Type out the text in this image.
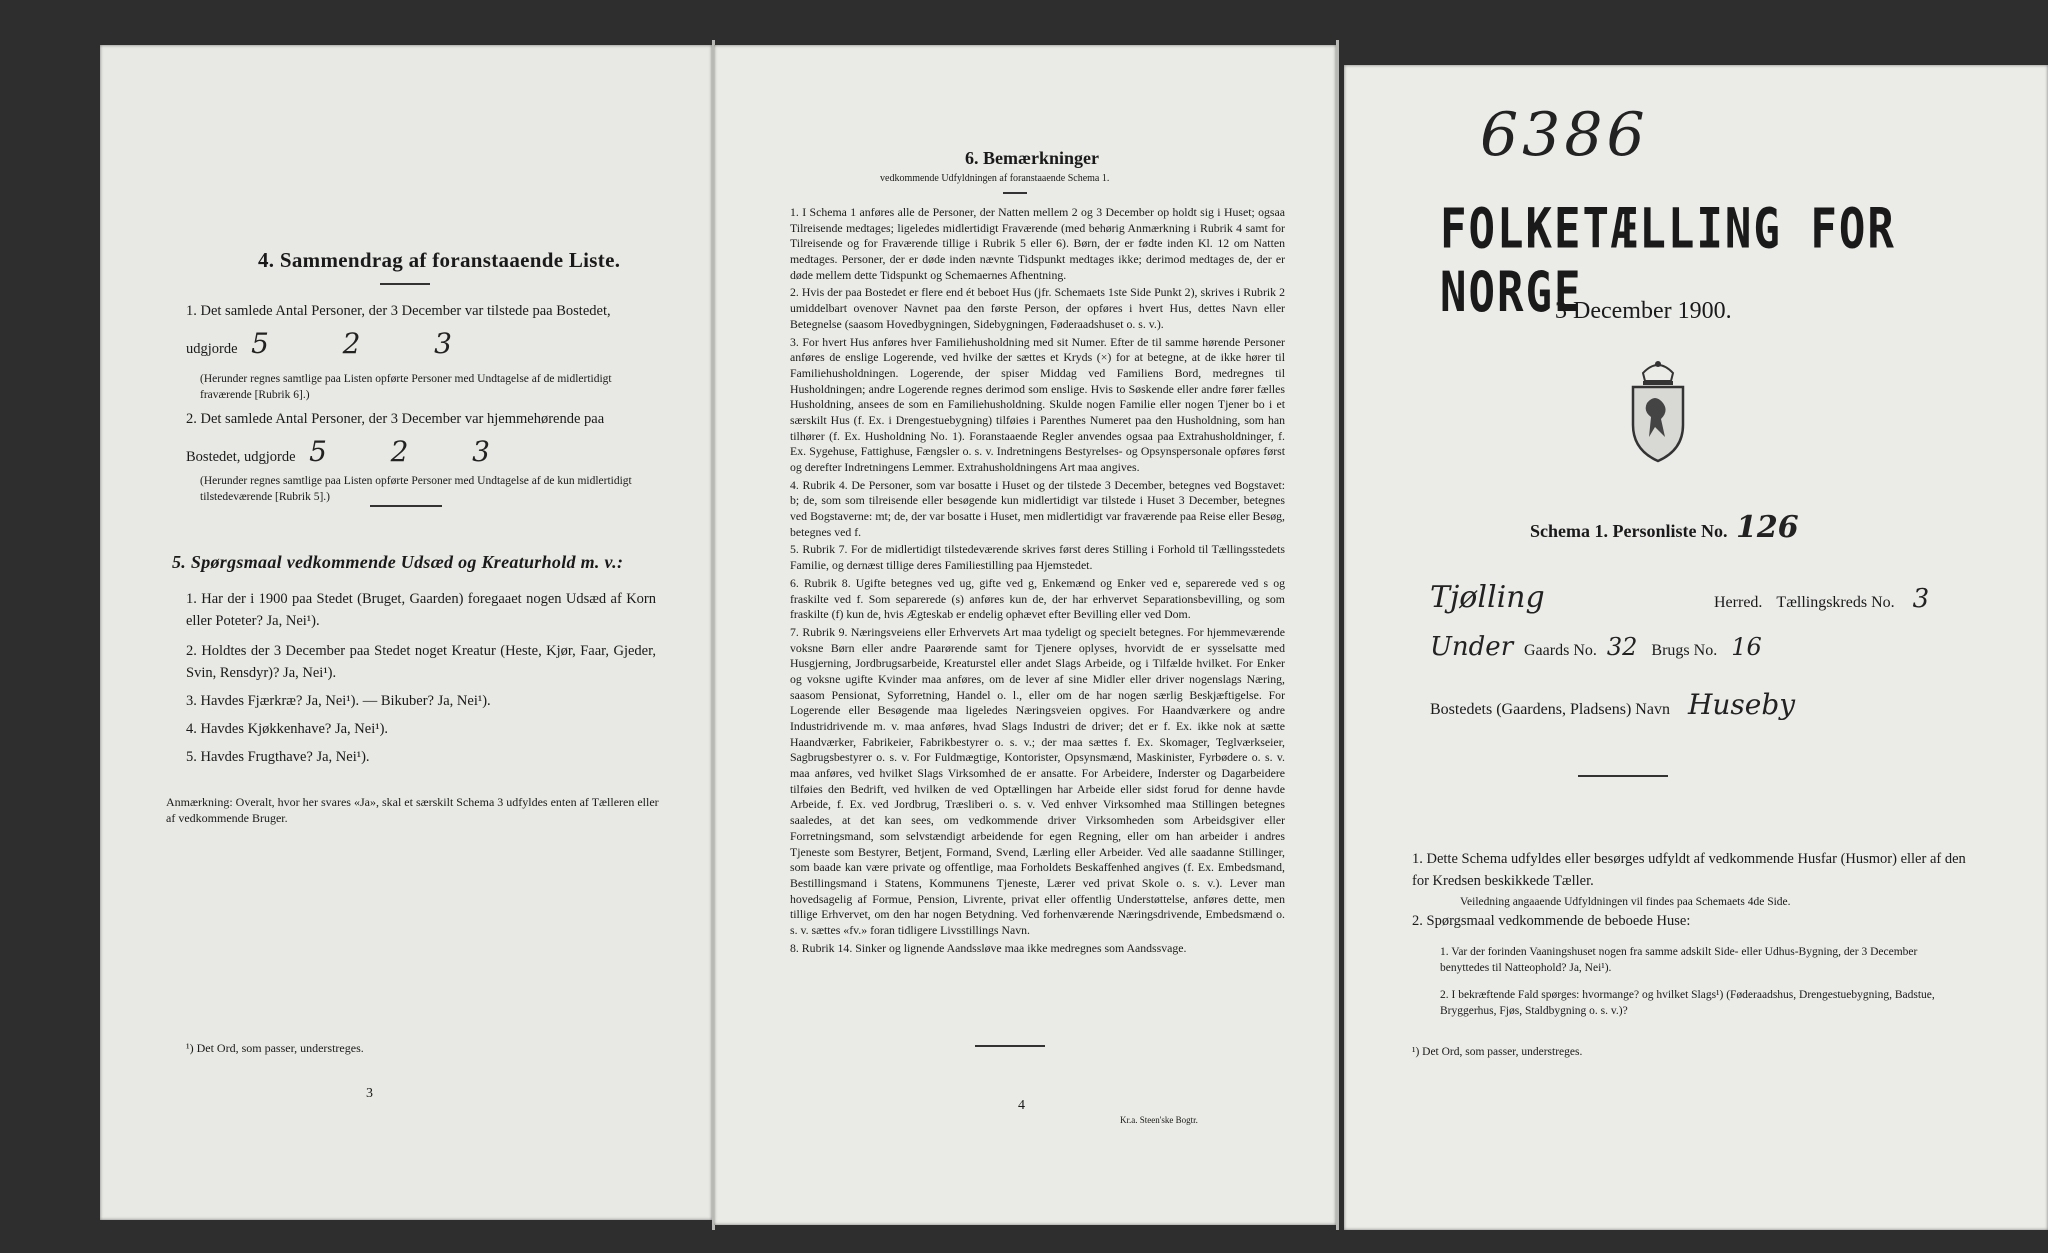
4. Sammendrag af foranstaaende Liste.
1. Det samlede Antal Personer, der 3 December var tilstede paa Bostedet,
udgjorde 5	2	3
(Herunder regnes samtlige paa Listen opførte Personer med Undtagelse af de midlertidigt fraværende [Rubrik 6].)
2. Det samlede Antal Personer, der 3 December var hjemmehørende paa
Bostedet, udgjorde 5 2 3
(Herunder regnes samtlige paa Listen opførte Personer med Undtagelse af de kun midlertidigt tilstedeværende [Rubrik 5].)
5. Spørgsmaal vedkommende Udsæd og Kreaturhold m. v.:
1. Har der i 1900 paa Stedet (Bruget, Gaarden) foregaaet nogen Udsæd af Korn eller Poteter? Ja, Nei¹).
2. Holdtes der 3 December paa Stedet noget Kreatur (Heste, Kjør, Faar, Gjeder, Svin, Rensdyr)? Ja, Nei¹).
3. Havdes Fjærkræ? Ja, Nei¹). — Bikuber? Ja, Nei¹).
4. Havdes Kjøkkenhave? Ja, Nei¹).
5. Havdes Frugthave? Ja, Nei¹).
Anmærkning: Overalt, hvor her svares «Ja», skal et særskilt Schema 3 udfyldes enten af Tælleren eller af vedkommende Bruger.
¹) Det Ord, som passer, understreges.
3
6. Bemærkninger
vedkommende Udfyldningen af foranstaaende Schema 1.
1. I Schema 1 anføres alle de Personer, der Natten mellem 2 og 3 December op holdt sig i Huset; ogsaa Tilreisende medtages; ligeledes midlertidigt Fraværende (med behørig Anmærkning i Rubrik 4 samt for Tilreisende og for Fraværende tillige i Rubrik 5 eller 6). Børn, der er fødte inden Kl. 12 om Natten medtages. Personer, der er døde inden nævnte Tidspunkt medtages ikke; derimod medtages de, der er døde mellem dette Tidspunkt og Schemaernes Afhentning.
2. Hvis der paa Bostedet er flere end ét beboet Hus (jfr. Schemaets 1ste Side Punkt 2), skrives i Rubrik 2 umiddelbart ovenover Navnet paa den første Person, der opføres i hvert Hus, dettes Navn eller Betegnelse (saasom Hovedbygningen, Sidebygningen, Føderaadshuset o. s. v.).
3. For hvert Hus anføres hver Familiehusholdning med sit Numer. Efter de til samme hørende Personer anføres de enslige Logerende, ved hvilke der sættes et Kryds (×) for at betegne, at de ikke hører til Familiehusholdningen. Logerende, der spiser Middag ved Familiens Bord, medregnes til Husholdningen; andre Logerende regnes derimod som enslige. Hvis to Søskende eller andre fører fælles Husholdning, ansees de som en Familiehusholdning. Skulde nogen Familie eller nogen Tjener bo i et særskilt Hus (f. Ex. i Drengestuebygning) tilføies i Parenthes Numeret paa den Husholdning, som han tilhører (f. Ex. Husholdning No. 1). Foranstaaende Regler anvendes ogsaa paa Extrahusholdninger, f. Ex. Sygehuse, Fattighuse, Fængsler o. s. v. Indretningens Bestyrelses- og Opsynspersonale opføres først og derefter Indretningens Lemmer. Extrahusholdningens Art maa angives.
4. Rubrik 4. De Personer, som var bosatte i Huset og der tilstede 3 December, betegnes ved Bogstavet: b; de, som som tilreisende eller besøgende kun midlertidigt var tilstede i Huset 3 December, betegnes ved Bogstaverne: mt; de, der var bosatte i Huset, men midlertidigt var fraværende paa Reise eller Besøg, betegnes ved f.
5. Rubrik 7. For de midlertidigt tilstedeværende skrives først deres Stilling i Forhold til Tællingsstedets Familie, og dernæst tillige deres Familiestilling paa Hjemstedet.
6. Rubrik 8. Ugifte betegnes ved ug, gifte ved g, Enkemænd og Enker ved e, separerede ved s og fraskilte ved f. Som separerede (s) anføres kun de, der har erhvervet Separationsbevilling, og som fraskilte (f) kun de, hvis Ægteskab er endelig ophævet efter Bevilling eller ved Dom.
7. Rubrik 9. Næringsveiens eller Erhvervets Art maa tydeligt og specielt betegnes. For hjemmeværende voksne Børn eller andre Paarørende samt for Tjenere oplyses, hvorvidt de er sysselsatte med Husgjerning, Jordbrugsarbeide, Kreaturstel eller andet Slags Arbeide, og i Tilfælde hvilket. For Enker og voksne ugifte Kvinder maa anføres, om de lever af sine Midler eller driver nogenslags Næring, saasom Pensionat, Syforretning, Handel o. l., eller om de har nogen særlig Beskjæftigelse. For Logerende eller Besøgende maa ligeledes Næringsveien opgives. For Haandværkere og andre Industridrivende m. v. maa anføres, hvad Slags Industri de driver; det er f. Ex. ikke nok at sætte Haandværker, Fabrikeier, Fabrikbestyrer o. s. v.; der maa sættes f. Ex. Skomager, Teglværkseier, Sagbrugsbestyrer o. s. v. For Fuldmægtige, Kontorister, Opsynsmænd, Maskinister, Fyrbødere o. s. v. maa anføres, ved hvilket Slags Virksomhed de er ansatte. For Arbeidere, Inderster og Dagarbeidere tilføies den Bedrift, ved hvilken de ved Optællingen har Arbeide eller sidst forud for denne havde Arbeide, f. Ex. ved Jordbrug, Træsliberi o. s. v. Ved enhver Virksomhed maa Stillingen betegnes saaledes, at det kan sees, om vedkommende driver Virksomheden som Arbeidsgiver eller Forretningsmand, som selvstændigt arbeidende for egen Regning, eller om han arbeider i andres Tjeneste som Bestyrer, Betjent, Formand, Svend, Lærling eller Arbeider. Ved alle saadanne Stillinger, som baade kan være private og offentlige, maa Forholdets Beskaffenhed angives (f. Ex. Embedsmand, Bestillingsmand i Statens, Kommunens Tjeneste, Lærer ved privat Skole o. s. v.). Lever man hovedsagelig af Formue, Pension, Livrente, privat eller offentlig Understøttelse, anføres dette, men tillige Erhvervet, om den har nogen Betydning. Ved forhenværende Næringsdrivende, Embedsmænd o. s. v. sættes «fv.» foran tidligere Livsstillings Navn.
8. Rubrik 14. Sinker og lignende Aandssløve maa ikke medregnes som Aandssvage.
4
Kr.a. Steen'ske Bogtr.
6386
FOLKETÆLLING FOR NORGE
3 December 1900.
Schema 1. Personliste No. 126
Tjølling	Herred. Tællingskreds No. 3
Under Gaards No. 32 Brugs No. 16
Bostedets (Gaardens, Pladsens) Navn Huseby
1. Dette Schema udfyldes eller besørges udfyldt af vedkommende Husfar (Husmor) eller af den for Kredsen beskikkede Tæller.
Veiledning angaaende Udfyldningen vil findes paa Schemaets 4de Side.
2. Spørgsmaal vedkommende de beboede Huse:
1. Var der forinden Vaaningshuset nogen fra samme adskilt Side- eller Udhus-Bygning, der 3 December benyttedes til Natteophold? Ja, Nei¹).
2. I bekræftende Fald spørges: hvormange? og hvilket Slags¹) (Føderaadshus, Drengestuebygning, Badstue, Bryggerhus, Fjøs, Staldbygning o. s. v.)?
¹) Det Ord, som passer, understreges.
